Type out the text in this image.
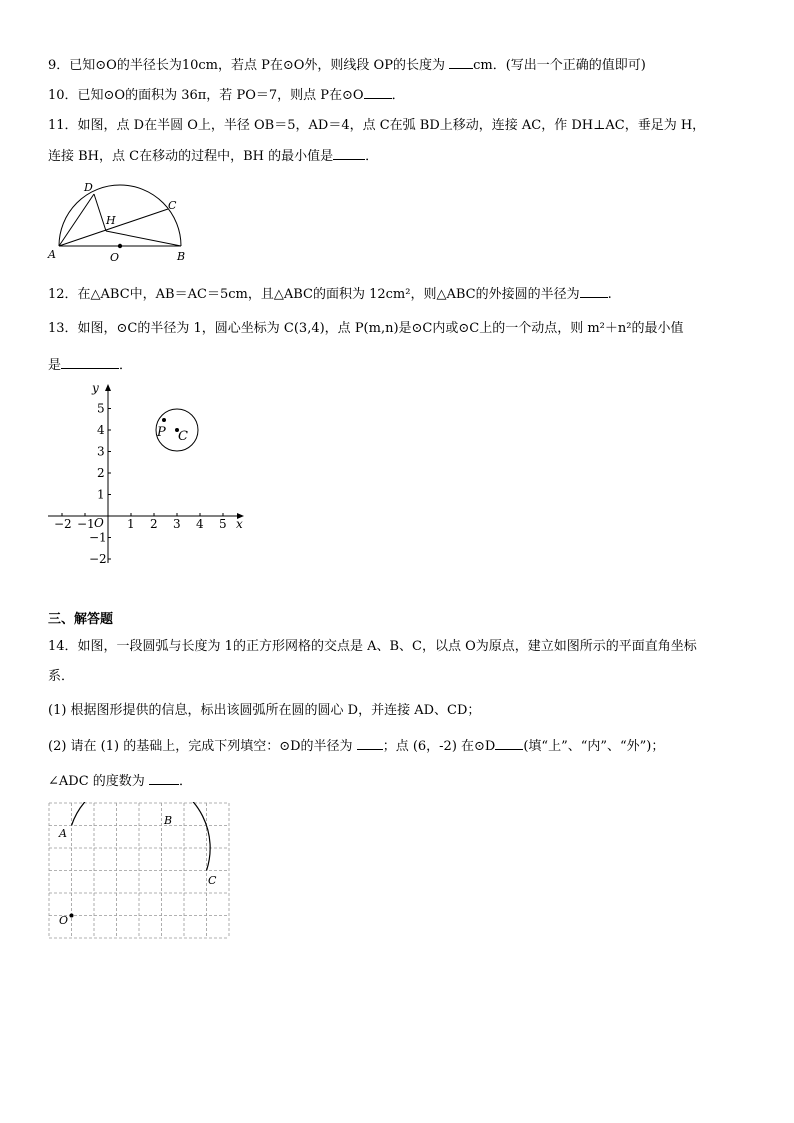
9．已知⊙O的半径长为10cm，若点 P在⊙O外，则线段 OP的长度为 cm．(写出一个正确的值即可)
10．已知⊙O的面积为 36π，若 PO＝7，则点 P在⊙O ．
11．如图，点 D在半圆 O上，半径 OB＝5，AD＝4，点 C在弧 BD上移动，连接 AC，作 DH⊥AC，垂足为 H，
连接 BH，点 C在移动的过程中，BH 的最小值是 ．
A	B
C
D
H
O
12．在△ABC中，AB＝AC＝5cm，且△ABC的面积为 12cm²，则△ABC的外接圆的半径为 .
13．如图，⊙C的半径为 1，圆心坐标为 C(3,4)，点 P(m,n)是⊙C内或⊙C上的一个动点，则 m²＋n²的最小值
是	．
x
y
O
−2 −1	1 2 3 4 5
5
4
3
2
1
−1
−2
P C
三、解答题
14．如图，一段圆弧与长度为 1的正方形网格的交点是 A、B、C，以点 O为原点，建立如图所示的平面直角坐标
系．
(1) 根据图形提供的信息，标出该圆弧所在圆的圆心 D，并连接 AD、CD；
(2) 请在 (1) 的基础上，完成下列填空：⊙D的半径为 ；点 (6，-2) 在⊙D (填“上”、“内”、“外”)；
∠ADC 的度数为	．
A
B
C
O
